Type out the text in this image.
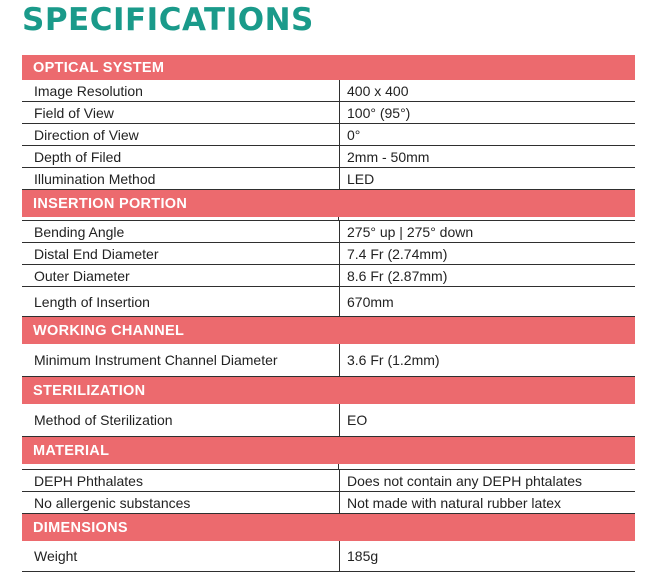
SPECIFICATIONS
OPTICAL SYSTEM
Image Resolution	400 x 400
Field of View	100° (95°)
Direction of View	0°
Depth of Filed	2mm - 50mm
Illumination Method	LED
INSERTION PORTION
Bending Angle	275° up | 275° down
Distal End Diameter	7.4 Fr (2.74mm)
Outer Diameter	8.6 Fr (2.87mm)
Length of Insertion	670mm
WORKING CHANNEL
Minimum Instrument Channel Diameter	3.6 Fr (1.2mm)
STERILIZATION
Method of Sterilization	EO
MATERIAL
DEPH Phthalates	Does not contain any DEPH phtalates
No allergenic substances	Not made with natural rubber latex
DIMENSIONS
Weight	185g
